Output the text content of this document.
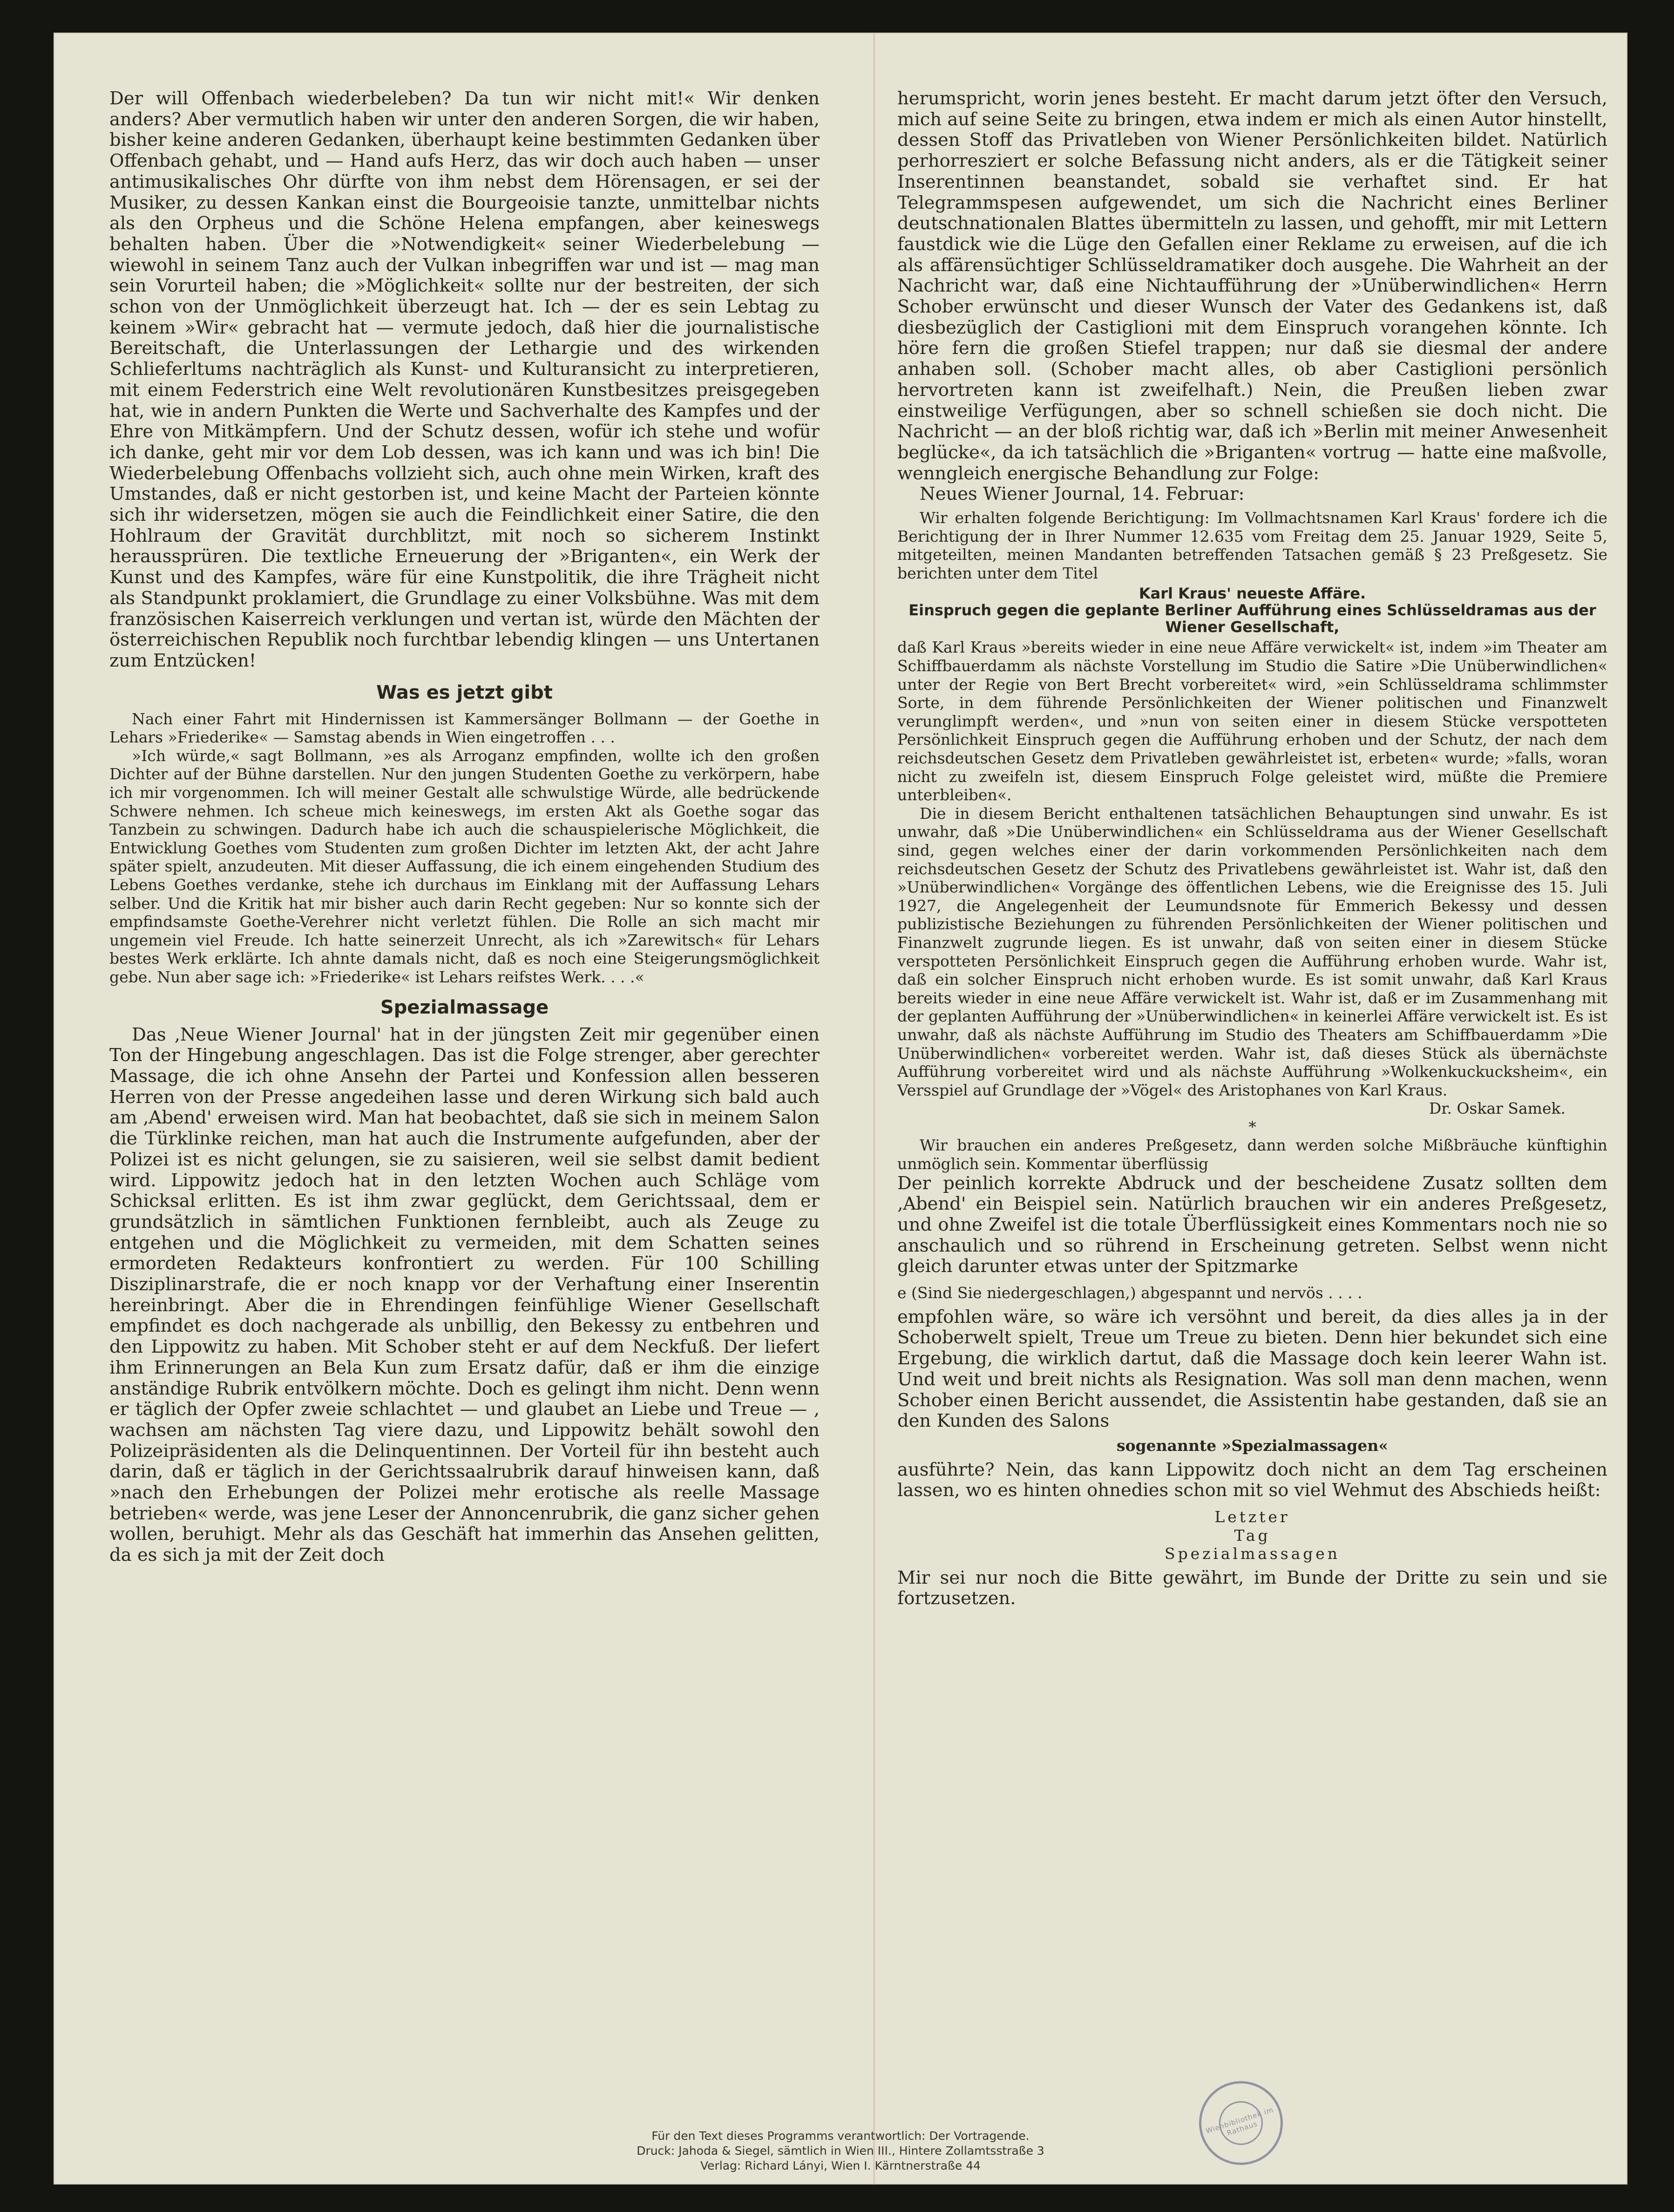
Der will Offenbach wiederbeleben? Da tun wir nicht mit!« Wir denken anders? Aber vermutlich haben wir unter den anderen Sorgen, die wir haben, bisher keine anderen Gedanken, überhaupt keine bestimmten Gedanken über Offenbach gehabt, und — Hand aufs Herz, das wir doch auch haben — unser antimusikalisches Ohr dürfte von ihm nebst dem Hörensagen, er sei der Musiker, zu dessen Kankan einst die Bourgeoisie tanzte, unmittelbar nichts als den Orpheus und die Schöne Helena empfangen, aber keineswegs behalten haben. Über die »Notwendigkeit« seiner Wiederbelebung — wiewohl in seinem Tanz auch der Vulkan inbegriffen war und ist — mag man sein Vorurteil haben; die »Möglichkeit« sollte nur der bestreiten, der sich schon von der Unmöglichkeit überzeugt hat. Ich — der es sein Lebtag zu keinem »Wir« gebracht hat — vermute jedoch, daß hier die journalistische Bereitschaft, die Unterlassungen der Lethargie und des wirkenden Schlieferltums nachträglich als Kunst- und Kulturansicht zu interpretieren, mit einem Federstrich eine Welt revolutionären Kunstbesitzes preisgegeben hat, wie in andern Punkten die Werte und Sachverhalte des Kampfes und der Ehre von Mitkämpfern. Und der Schutz dessen, wofür ich stehe und wofür ich danke, geht mir vor dem Lob dessen, was ich kann und was ich bin! Die Wiederbelebung Offenbachs vollzieht sich, auch ohne mein Wirken, kraft des Umstandes, daß er nicht gestorben ist, und keine Macht der Parteien könnte sich ihr widersetzen, mögen sie auch die Feindlichkeit einer Satire, die den Hohlraum der Gravität durchblitzt, mit noch so sicherem Instinkt heraussprüren. Die textliche Erneuerung der »Briganten«, ein Werk der Kunst und des Kampfes, wäre für eine Kunstpolitik, die ihre Trägheit nicht als Standpunkt proklamiert, die Grundlage zu einer Volksbühne. Was mit dem französischen Kaiserreich verklungen und vertan ist, würde den Mächten der österreichischen Republik noch furchtbar lebendig klingen — uns Untertanen zum Entzücken!

Was es jetzt gibt

Nach einer Fahrt mit Hindernissen ist Kammersänger Bollmann — der Goethe in Lehars »Friederike« — Samstag abends in Wien eingetroffen . . .

»Ich würde,« sagt Bollmann, »es als Arroganz empfinden, wollte ich den großen Dichter auf der Bühne darstellen. Nur den jungen Studenten Goethe zu verkörpern, habe ich mir vorgenommen. Ich will meiner Gestalt alle schwulstige Würde, alle bedrückende Schwere nehmen. Ich scheue mich keineswegs, im ersten Akt als Goethe sogar das Tanzbein zu schwingen. Dadurch habe ich auch die schauspielerische Möglichkeit, die Entwicklung Goethes vom Studenten zum großen Dichter im letzten Akt, der acht Jahre später spielt, anzudeuten. Mit dieser Auffassung, die ich einem eingehenden Studium des Lebens Goethes verdanke, stehe ich durchaus im Einklang mit der Auffassung Lehars selber. Und die Kritik hat mir bisher auch darin Recht gegeben: Nur so konnte sich der empfindsamste Goethe-Verehrer nicht verletzt fühlen. Die Rolle an sich macht mir ungemein viel Freude. Ich hatte seinerzeit Unrecht, als ich »Zarewitsch« für Lehars bestes Werk erklärte. Ich ahnte damals nicht, daß es noch eine Steigerungsmöglichkeit gebe. Nun aber sage ich: »Friederike« ist Lehars reifstes Werk. . . .«

Spezialmassage

Das ‚Neue Wiener Journal' hat in der jüngsten Zeit mir gegenüber einen Ton der Hingebung angeschlagen. Das ist die Folge strenger, aber gerechter Massage, die ich ohne Ansehn der Partei und Konfession allen besseren Herren von der Presse angedeihen lasse und deren Wirkung sich bald auch am ‚Abend' erweisen wird. Man hat beobachtet, daß sie sich in meinem Salon die Türklinke reichen, man hat auch die Instrumente aufgefunden, aber der Polizei ist es nicht gelungen, sie zu saisieren, weil sie selbst damit bedient wird. Lippowitz jedoch hat in den letzten Wochen auch Schläge vom Schicksal erlitten. Es ist ihm zwar geglückt, dem Gerichtssaal, dem er grundsätzlich in sämtlichen Funktionen fernbleibt, auch als Zeuge zu entgehen und die Möglichkeit zu vermeiden, mit dem Schatten seines ermordeten Redakteurs konfrontiert zu werden. Für 100 Schilling Disziplinarstrafe, die er noch knapp vor der Verhaftung einer Inserentin hereinbringt. Aber die in Ehrendingen feinfühlige Wiener Gesellschaft empfindet es doch nachgerade als unbillig, den Bekessy zu entbehren und den Lippowitz zu haben. Mit Schober steht er auf dem Neckfuß. Der liefert ihm Erinnerungen an Bela Kun zum Ersatz dafür, daß er ihm die einzige anständige Rubrik entvölkern möchte. Doch es gelingt ihm nicht. Denn wenn er täglich der Opfer zweie schlachtet — und glaubet an Liebe und Treue — , wachsen am nächsten Tag viere dazu, und Lippowitz behält sowohl den Polizeipräsidenten als die Delinquentinnen. Der Vorteil für ihn besteht auch darin, daß er täglich in der Gerichtssaalrubrik darauf hinweisen kann, daß »nach den Erhebungen der Polizei mehr erotische als reelle Massage betrieben« werde, was jene Leser der Annoncenrubrik, die ganz sicher gehen wollen, beruhigt. Mehr als das Geschäft hat immerhin das Ansehen gelitten, da es sich ja mit der Zeit doch

herumspricht, worin jenes besteht. Er macht darum jetzt öfter den Versuch, mich auf seine Seite zu bringen, etwa indem er mich als einen Autor hinstellt, dessen Stoff das Privatleben von Wiener Persönlichkeiten bildet. Natürlich perhorresziert er solche Befassung nicht anders, als er die Tätigkeit seiner Inserentinnen beanstandet, sobald sie verhaftet sind. Er hat Telegrammspesen aufgewendet, um sich die Nachricht eines Berliner deutschnationalen Blattes übermitteln zu lassen, und gehofft, mir mit Lettern faustdick wie die Lüge den Gefallen einer Reklame zu erweisen, auf die ich als affärensüchtiger Schlüsseldramatiker doch ausgehe. Die Wahrheit an der Nachricht war, daß eine Nichtaufführung der »Unüberwindlichen« Herrn Schober erwünscht und dieser Wunsch der Vater des Gedankens ist, daß diesbezüglich der Castiglioni mit dem Einspruch vorangehen könnte. Ich höre fern die großen Stiefel trappen; nur daß sie diesmal der andere anhaben soll. (Schober macht alles, ob aber Castiglioni persönlich hervortreten kann ist zweifelhaft.) Nein, die Preußen lieben zwar einstweilige Verfügungen, aber so schnell schießen sie doch nicht. Die Nachricht — an der bloß richtig war, daß ich »Berlin mit meiner Anwesenheit beglücke«, da ich tatsächlich die »Briganten« vortrug — hatte eine maßvolle, wenngleich energische Behandlung zur Folge:

Neues Wiener Journal, 14. Februar:

Wir erhalten folgende Berichtigung: Im Vollmachtsnamen Karl Kraus' fordere ich die Berichtigung der in Ihrer Nummer 12.635 vom Freitag dem 25. Januar 1929, Seite 5, mitgeteilten, meinen Mandanten betreffenden Tatsachen gemäß § 23 Preßgesetz. Sie berichten unter dem Titel

Karl Kraus' neueste Affäre.
Einspruch gegen die geplante Berliner Aufführung eines Schlüsseldramas aus der Wiener Gesellschaft,

daß Karl Kraus »bereits wieder in eine neue Affäre verwickelt« ist, indem »im Theater am Schiffbauerdamm als nächste Vorstellung im Studio die Satire »Die Unüberwindlichen« unter der Regie von Bert Brecht vorbereitet« wird, »ein Schlüsseldrama schlimmster Sorte, in dem führende Persönlichkeiten der Wiener politischen und Finanzwelt verunglimpft werden«, und »nun von seiten einer in diesem Stücke verspotteten Persönlichkeit Einspruch gegen die Aufführung erhoben und der Schutz, der nach dem reichsdeutschen Gesetz dem Privatleben gewährleistet ist, erbeten« wurde; »falls, woran nicht zu zweifeln ist, diesem Einspruch Folge geleistet wird, müßte die Premiere unterbleiben«.

Die in diesem Bericht enthaltenen tatsächlichen Behauptungen sind unwahr. Es ist unwahr, daß »Die Unüberwindlichen« ein Schlüsseldrama aus der Wiener Gesellschaft sind, gegen welches einer der darin vorkommenden Persönlichkeiten nach dem reichsdeutschen Gesetz der Schutz des Privatlebens gewährleistet ist. Wahr ist, daß den »Unüberwindlichen« Vorgänge des öffentlichen Lebens, wie die Ereignisse des 15. Juli 1927, die Angelegenheit der Leumundsnote für Emmerich Bekessy und dessen publizistische Beziehungen zu führenden Persönlichkeiten der Wiener politischen und Finanzwelt zugrunde liegen. Es ist unwahr, daß von seiten einer in diesem Stücke verspotteten Persönlichkeit Einspruch gegen die Aufführung erhoben wurde. Wahr ist, daß ein solcher Einspruch nicht erhoben wurde. Es ist somit unwahr, daß Karl Kraus bereits wieder in eine neue Affäre verwickelt ist. Wahr ist, daß er im Zusammenhang mit der geplanten Aufführung der »Unüberwindlichen« in keinerlei Affäre verwickelt ist. Es ist unwahr, daß als nächste Aufführung im Studio des Theaters am Schiffbauerdamm »Die Unüberwindlichen« vorbereitet werden. Wahr ist, daß dieses Stück als übernächste Aufführung vorbereitet wird und als nächste Aufführung »Wolkenkuckucksheim«, ein Versspiel auf Grundlage der »Vögel« des Aristophanes von Karl Kraus.

Dr. Oskar Samek.

*

Wir brauchen ein anderes Preßgesetz, dann werden solche Mißbräuche künftighin unmöglich sein. Kommentar überflüssig

Der peinlich korrekte Abdruck und der bescheidene Zusatz sollten dem ‚Abend' ein Beispiel sein. Natürlich brauchen wir ein anderes Preßgesetz, und ohne Zweifel ist die totale Überflüssigkeit eines Kommentars noch nie so anschaulich und so rührend in Erscheinung getreten. Selbst wenn nicht gleich darunter etwas unter der Spitzmarke

e (Sind Sie niedergeschlagen,) abgespannt und nervös . . . .

empfohlen wäre, so wäre ich versöhnt und bereit, da dies alles ja in der Schoberwelt spielt, Treue um Treue zu bieten. Denn hier bekundet sich eine Ergebung, die wirklich dartut, daß die Massage doch kein leerer Wahn ist. Und weit und breit nichts als Resignation. Was soll man denn machen, wenn Schober einen Bericht aussendet, die Assistentin habe gestanden, daß sie an den Kunden des Salons

sogenannte »Spezialmassagen«

ausführte? Nein, das kann Lippowitz doch nicht an dem Tag erscheinen lassen, wo es hinten ohnedies schon mit so viel Wehmut des Abschieds heißt:

Letzter

Tag

Spezialmassagen

Mir sei nur noch die Bitte gewährt, im Bunde der Dritte zu sein und sie fortzusetzen.

Für den Text dieses Programms verantwortlich: Der Vortragende.
Druck: Jahoda & Siegel, sämtlich in Wien III., Hintere Zollamtsstraße 3
Verlag: Richard Lányi, Wien I. Kärntnerstraße 44
Wienbibliothek im Rathaus
